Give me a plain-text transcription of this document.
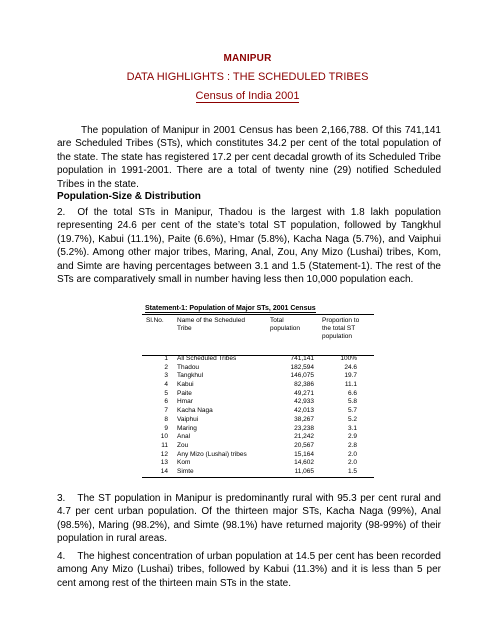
MANIPUR
DATA HIGHLIGHTS : THE SCHEDULED TRIBES
Census of India 2001

The population of Manipur in 2001 Census has been 2,166,788. Of this 741,141 are Scheduled Tribes (STs), which constitutes 34.2 per cent of the total population of the state. The state has registered 17.2 per cent decadal growth of its Scheduled Tribe population in 1991-2001. There are a total of twenty nine (29) notified Scheduled Tribes in the state.

Population-Size & Distribution

2. Of the total STs in Manipur, Thadou is the largest with 1.8 lakh population representing 24.6 per cent of the state’s total ST population, followed by Tangkhul (19.7%), Kabui (11.1%), Paite (6.6%), Hmar (5.8%), Kacha Naga (5.7%), and Vaiphui (5.2%). Among other major tribes, Maring, Anal, Zou, Any Mizo (Lushai) tribes, Kom, and Simte are having percentages between 3.1 and 1.5 (Statement-1). The rest of the STs are comparatively small in number having less then 10,000 population each.

Statement-1: Population of Major STs, 2001 Census
Sl.No. Name of the Scheduled Tribe
Total population
Proportion to the total ST population
1 All Scheduled Tribes	741,141	100%
2 Thadou	182,594	24.6
3 Tangkhul	146,075	19.7
4 Kabui	82,386	11.1
5 Paite	49,271	6.6
6 Hmar	42,933	5.8
7 Kacha Naga	42,013	5.7
8 Vaiphui	38,267	5.2
9 Maring	23,238	3.1
10 Anal	21,242	2.9
11 Zou	20,567	2.8
12 Any Mizo (Lushai) tribes	15,164	2.0
13 Kom	14,602	2.0
14 Simte	11,065	1.5

3. The ST population in Manipur is predominantly rural with 95.3 per cent rural and 4.7 per cent urban population. Of the thirteen major STs, Kacha Naga (99%), Anal (98.5%), Maring (98.2%), and Simte (98.1%) have returned majority (98-99%) of their population in rural areas.

4. The highest concentration of urban population at 14.5 per cent has been recorded among Any Mizo (Lushai) tribes, followed by Kabui (11.3%) and it is less than 5 per cent among rest of the thirteen main STs in the state.
